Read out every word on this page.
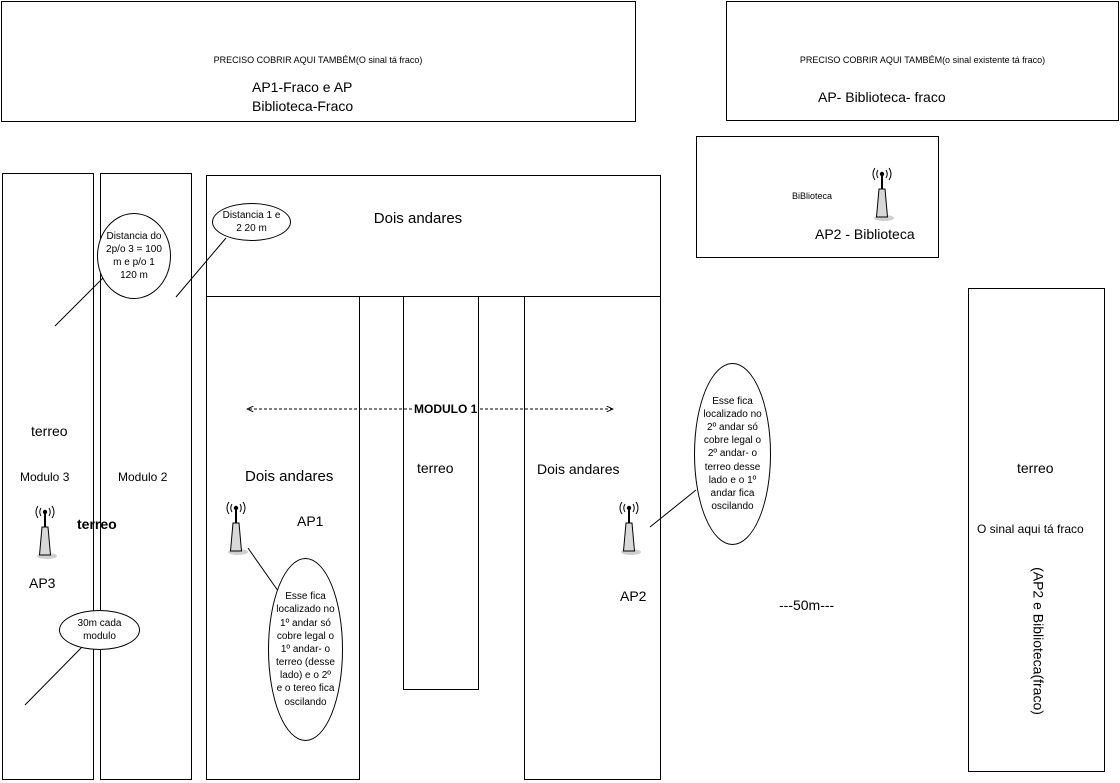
PRECISO COBRIR AQUI TAMBÉM(O sinal tá fraco)
AP1-Fraco e AP
Biblioteca-Fraco
PRECISO COBRIR AQUI TAMBÉM(o sinal existente tá fraco)
AP- Biblioteca- fraco
BiBlioteca
AP2 - Biblioteca
Dois andares
MODULO 1
Dois andares
AP1
terreo	Dois andares
AP2
terreo
Modulo 3	Modulo 2
terreo
AP3
---50m---
terreo
O sinal aqui tá fraco
(AP2 e Biblioteca(fraco)
Distancia do
2p/o 3 = 100
m e p/o 1
120 m
Distancia 1 e
2 20 m
Esse fica
localizado no
2º andar só
cobre legal o
2º andar- o
terreo desse
lado e o 1º
andar fica
oscilando
Esse fica
localizado no
1º andar só
cobre legal o
1º andar- o
terreo (desse
lado) e o 2º
e o tereo fica
oscilando
30m cada
modulo
